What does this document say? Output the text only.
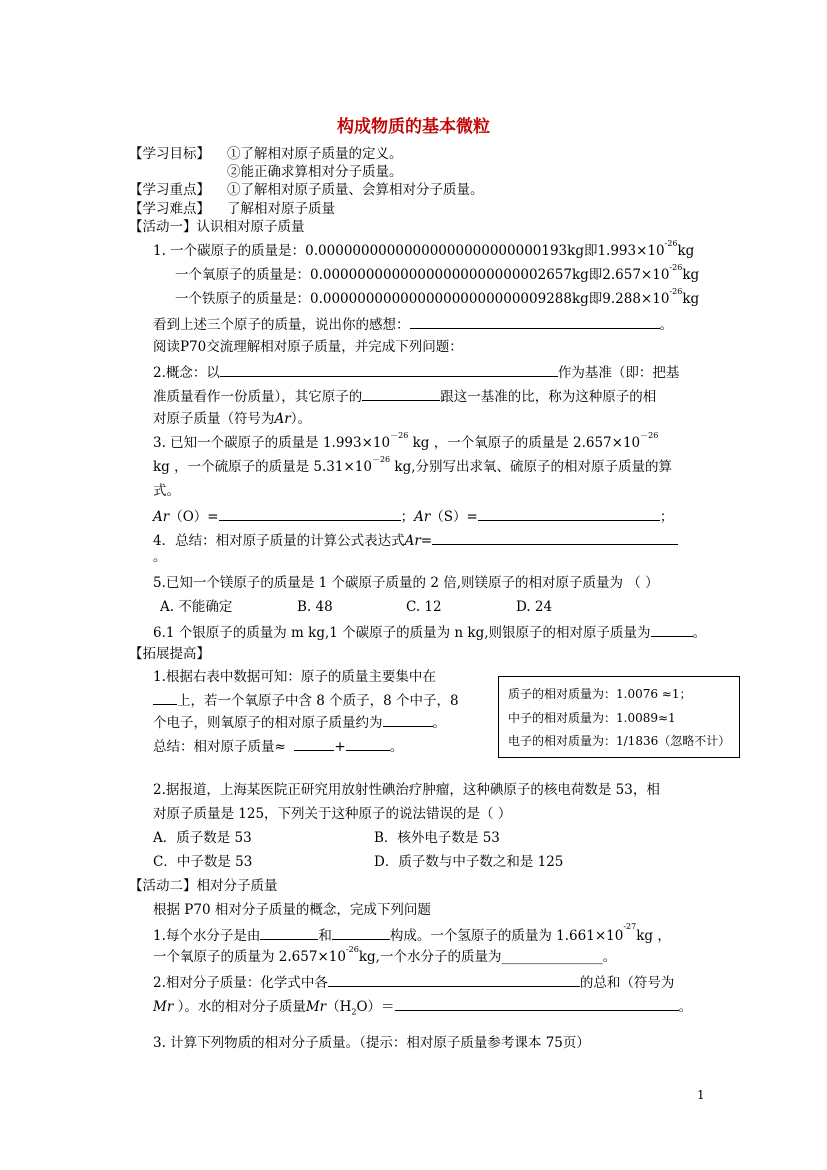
构成物质的基本微粒
【学习目标】 ①了解相对原子质量的定义。
②能正确求算相对分子质量。
【学习重点】 ①了解相对原子质量、会算相对分子质量。
【学习难点】 了解相对原子质量
【活动一】认识相对原子质量
1. 一个碳原子的质量是：0.00000000000000000000000000193kg即$1.993\times 10^{-26}kg$
一个氧原子的质量是：0.00000000000000000000000002657kg即$2.657\times 10^{-26}kg$
一个铁原子的质量是：0.00000000000000000000000009288kg即$9.288\times 10^{-26}kg$
看到上述三个原子的质量，说出你的感想：	。
阅读P70交流理解相对原子质量，并完成下列问题：
2.概念：以	作为基准（即：把基
准质量看作一份质量），其它原子的	跟这一基准的比，称为这种原子的相
对原子质量（符号为Ar）。
3. 已知一个碳原子的质量是 $1.993\times 10^{-26}$ kg ，一个氧原子的质量是 $2.657\times 10^{-26}$
kg ，一个硫原子的质量是 $5.31\times 10^{-26}$ kg,分别写出求氧、硫原子的相对原子质量的算
式。
Ar（O）=	；Ar（S）=	；
4．总结：相对原子质量的计算公式表达式Ar=
。
5.已知一个镁原子的质量是 1 个碳原子质量的 2 倍,则镁原子的相对原子质量为 （ ）
A. 不能确定	B. 48	C. 12	D. 24
6.1 个银原子的质量为 m kg,1 个碳原子的质量为 n kg,则银原子的相对原子质量为	。
【拓展提高】
1.根据右表中数据可知：原子的质量主要集中在
上，若一个氧原子中含 8 个质子，8 个中子，8
个电子，则氧原子的相对原子质量约为	。
总结：相对原子质量≈	+	。
质子的相对质量为：1.0076 ≈1；
中子的相对质量为：1.0089≈1
电子的相对质量为：1/1836（忽略不计）
2.据报道，上海某医院正研究用放射性碘治疗肿瘤，这种碘原子的核电荷数是 53，相
对原子质量是 125，下列关于这种原子的说法错误的是（ ）
A．质子数是 53	B．核外电子数是 53
C．中子数是 53	D．质子数与中子数之和是 125
【活动二】相对分子质量
根据 P70 相对分子质量的概念，完成下列问题
1.每个水分子是由	和	构成。一个氢原子的质量为 $1.661\times 10^{-27}kg$ ，
一个氧原子的质量为 $2.657\times 10^{-26}kg$,一个水分子的质量为_______________。
2.相对分子质量：化学式中各	的总和（符号为
Mr ）。水的相对分子质量$Mr(H_2O)=$	。
3. 计算下列物质的相对分子质量。（提示：相对原子质量参考课本 75页）
1
